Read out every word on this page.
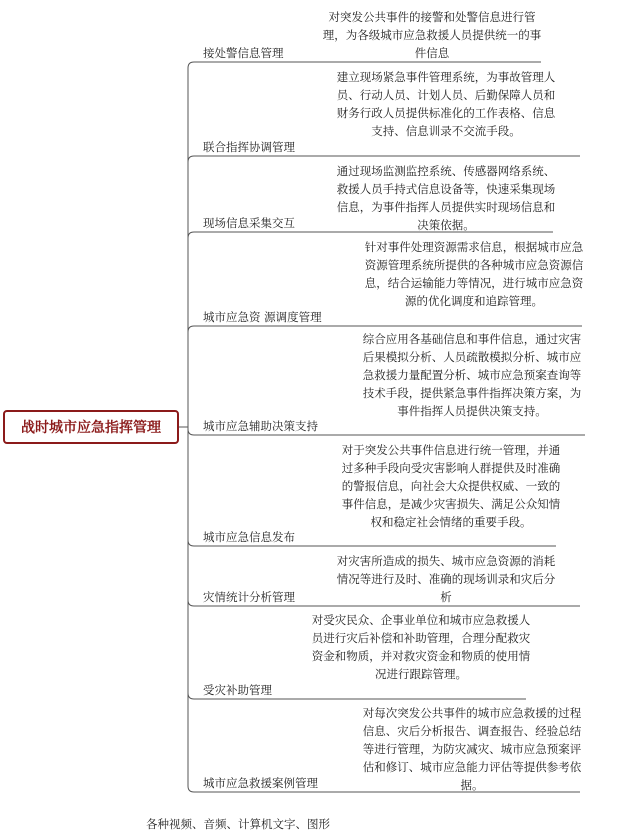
战时城市应急指挥管理
接处警信息管理
对突发公共事件的接警和处警信息进行管理，为各级城市应急救援人员提供统一的事件信息
联合指挥协调管理
建立现场紧急事件管理系统，为事故管理人员、行动人员、计划人员、后勤保障人员和财务行政人员提供标准化的工作表格、信息支持、信息训录不交流手段。
现场信息采集交互
通过现场监测监控系统、传感器网络系统、救援人员手持式信息设备等，快速采集现场信息，为事件指挥人员提供实时现场信息和决策依据。
城市应急资 源调度管理
针对事件处理资源需求信息，根据城市应急资源管理系统所提供的各种城市应急资源信息，结合运输能力等情况，进行城市应急资源的优化调度和追踪管理。
城市应急辅助决策支持
综合应用各基础信息和事件信息，通过灾害后果模拟分析、人员疏散模拟分析、城市应急救援力量配置分析、城市应急预案查询等技术手段，提供紧急事件指挥决策方案，为事件指挥人员提供决策支持。
城市应急信息发布
对于突发公共事件信息进行统一管理，并通过多种手段向受灾害影响人群提供及时准确 的警报信息，向社会大众提供权威、一致的事件信息，是减少灾害损失、满足公众知情权和稳定社会情绪的重要手段。
灾情统计分析管理
对灾害所造成的损失、城市应急资源的消耗情况等进行及时、准确的现场训录和灾后分析
受灾补助管理
对受灾民众、企事业单位和城市应急救援人员进行灾后补偿和补助管理，合理分配救灾资金和物质，并对救灾资金和物质的使用情况进行跟踪管理。
城市应急救援案例管理
对每次突发公共事件的城市应急救援的过程信息、灾后分析报告、调查报告、经验总结等进行管理，为防灾减灾、城市应急预案评估和修订、城市应急能力评估等提供参考依据。
各种视频、音频、计算机文字、图形
